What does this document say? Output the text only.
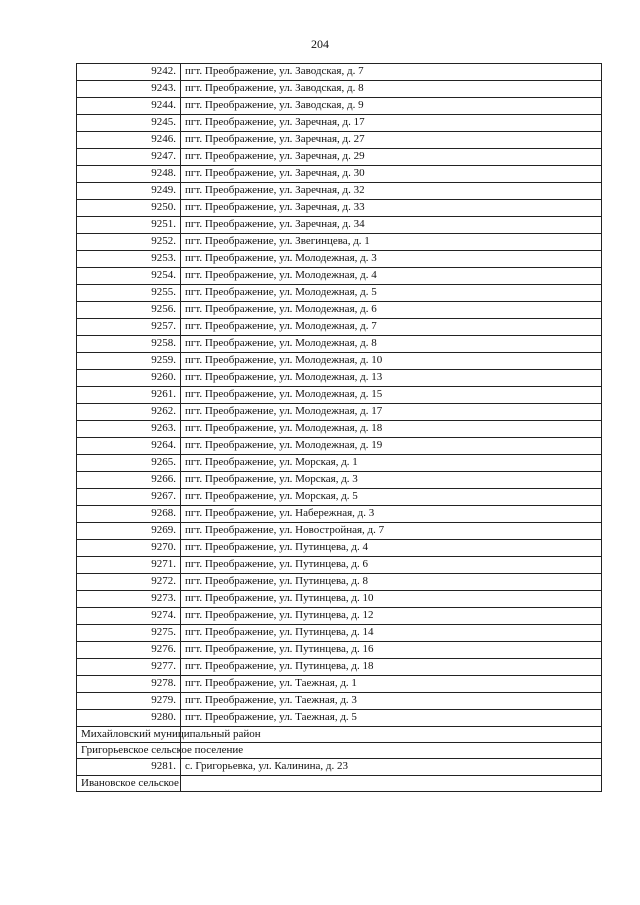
204
9242.	пгт. Преображение, ул. Заводская, д. 7
9243.	пгт. Преображение, ул. Заводская, д. 8
9244.	пгт. Преображение, ул. Заводская, д. 9
9245.	пгт. Преображение, ул. Заречная, д. 17
9246.	пгт. Преображение, ул. Заречная, д. 27
9247.	пгт. Преображение, ул. Заречная, д. 29
9248.	пгт. Преображение, ул. Заречная, д. 30
9249.	пгт. Преображение, ул. Заречная, д. 32
9250.	пгт. Преображение, ул. Заречная, д. 33
9251.	пгт. Преображение, ул. Заречная, д. 34
9252.	пгт. Преображение, ул. Звегинцева, д. 1
9253.	пгт. Преображение, ул. Молодежная, д. 3
9254.	пгт. Преображение, ул. Молодежная, д. 4
9255.	пгт. Преображение, ул. Молодежная, д. 5
9256.	пгт. Преображение, ул. Молодежная, д. 6
9257.	пгт. Преображение, ул. Молодежная, д. 7
9258.	пгт. Преображение, ул. Молодежная, д. 8
9259.	пгт. Преображение, ул. Молодежная, д. 10
9260.	пгт. Преображение, ул. Молодежная, д. 13
9261.	пгт. Преображение, ул. Молодежная, д. 15
9262.	пгт. Преображение, ул. Молодежная, д. 17
9263.	пгт. Преображение, ул. Молодежная, д. 18
9264.	пгт. Преображение, ул. Молодежная, д. 19
9265.	пгт. Преображение, ул. Морская, д. 1
9266.	пгт. Преображение, ул. Морская, д. 3
9267.	пгт. Преображение, ул. Морская, д. 5
9268.	пгт. Преображение, ул. Набережная, д. 3
9269.	пгт. Преображение, ул. Новостройная, д. 7
9270.	пгт. Преображение, ул. Путинцева, д. 4
9271.	пгт. Преображение, ул. Путинцева, д. 6
9272.	пгт. Преображение, ул. Путинцева, д. 8
9273.	пгт. Преображение, ул. Путинцева, д. 10
9274.	пгт. Преображение, ул. Путинцева, д. 12
9275.	пгт. Преображение, ул. Путинцева, д. 14
9276.	пгт. Преображение, ул. Путинцева, д. 16
9277.	пгт. Преображение, ул. Путинцева, д. 18
9278.	пгт. Преображение, ул. Таежная, д. 1
9279.	пгт. Преображение, ул. Таежная, д. 3
9280.	пгт. Преображение, ул. Таежная, д. 5
Михайловский муниципальный район	
Григорьевское сельское поселение	
9281.	с. Григорьевка, ул. Калинина, д. 23
Ивановское сельское	
